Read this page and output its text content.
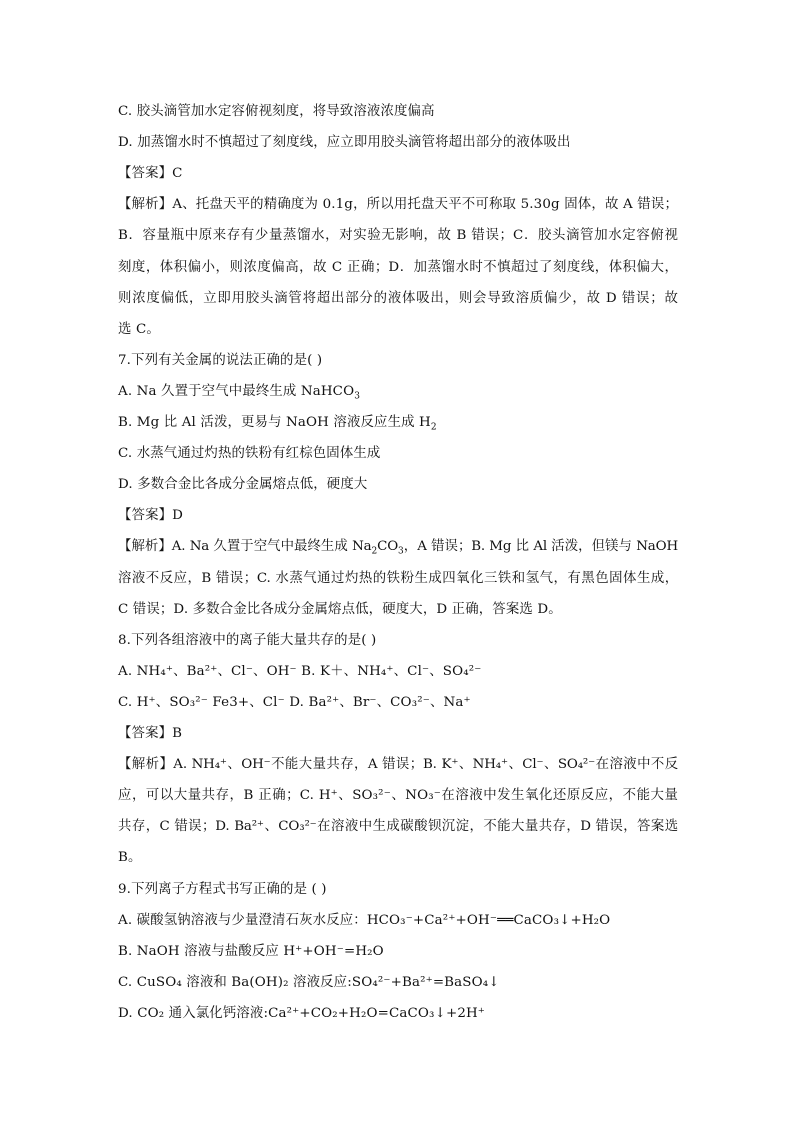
C. 胶头滴管加水定容俯视刻度，将导致溶液浓度偏高
D. 加蒸馏水时不慎超过了刻度线，应立即用胶头滴管将超出部分的液体吸出
【答案】C
【解析】A、托盘天平的精确度为 0.1g，所以用托盘天平不可称取 5.30g 固体，故 A 错误；
B．容量瓶中原来存有少量蒸馏水，对实验无影响，故 B 错误；C．胶头滴管加水定容俯视
刻度，体积偏小，则浓度偏高，故 C 正确；D．加蒸馏水时不慎超过了刻度线，体积偏大，
则浓度偏低，立即用胶头滴管将超出部分的液体吸出，则会导致溶质偏少，故 D 错误；故
选 C。
7.下列有关金属的说法正确的是( )
A. Na 久置于空气中最终生成 NaHCO$_3$
B. Mg 比 Al 活泼，更易与 NaOH 溶液反应生成 $H_2$
C. 水蒸气通过灼热的铁粉有红棕色固体生成
D. 多数合金比各成分金属熔点低，硬度大
【答案】D
【解析】A. Na 久置于空气中最终生成 $Na_2CO_3$，A 错误；B. Mg 比 Al 活泼，但镁与 NaOH
溶液不反应，B 错误；C. 水蒸气通过灼热的铁粉生成四氧化三铁和氢气，有黑色固体生成，
C 错误；D. 多数合金比各成分金属熔点低，硬度大，D 正确，答案选 D。
8.下列各组溶液中的离子能大量共存的是( )
A. NH₄⁺、Ba²⁺、Cl⁻、OH⁻ B. K＋、NH₄⁺、Cl⁻、SO₄²⁻
C. H⁺、SO₃²⁻ Fe3+、Cl⁻ D. Ba²⁺、Br⁻、CO₃²⁻、Na⁺
【答案】B
【解析】A. NH₄⁺、OH⁻不能大量共存，A 错误；B. K⁺、NH₄⁺、Cl⁻、SO₄²⁻在溶液中不反
应，可以大量共存，B 正确；C. H⁺、SO₃²⁻、NO₃⁻在溶液中发生氧化还原反应，不能大量
共存，C 错误；D. Ba²⁺、CO₃²⁻在溶液中生成碳酸钡沉淀，不能大量共存，D 错误，答案选
B。
9.下列离子方程式书写正确的是 ( )
A. 碳酸氢钠溶液与少量澄清石灰水反应：HCO₃⁻+Ca²⁺+OH⁻══CaCO₃↓+H₂O
B. NaOH 溶液与盐酸反应 H⁺+OH⁻=H₂O
C. CuSO₄ 溶液和 Ba(OH)₂ 溶液反应:SO₄²⁻+Ba²⁺=BaSO₄↓
D. CO₂ 通入氯化钙溶液:Ca²⁺+CO₂+H₂O=CaCO₃↓+2H⁺
